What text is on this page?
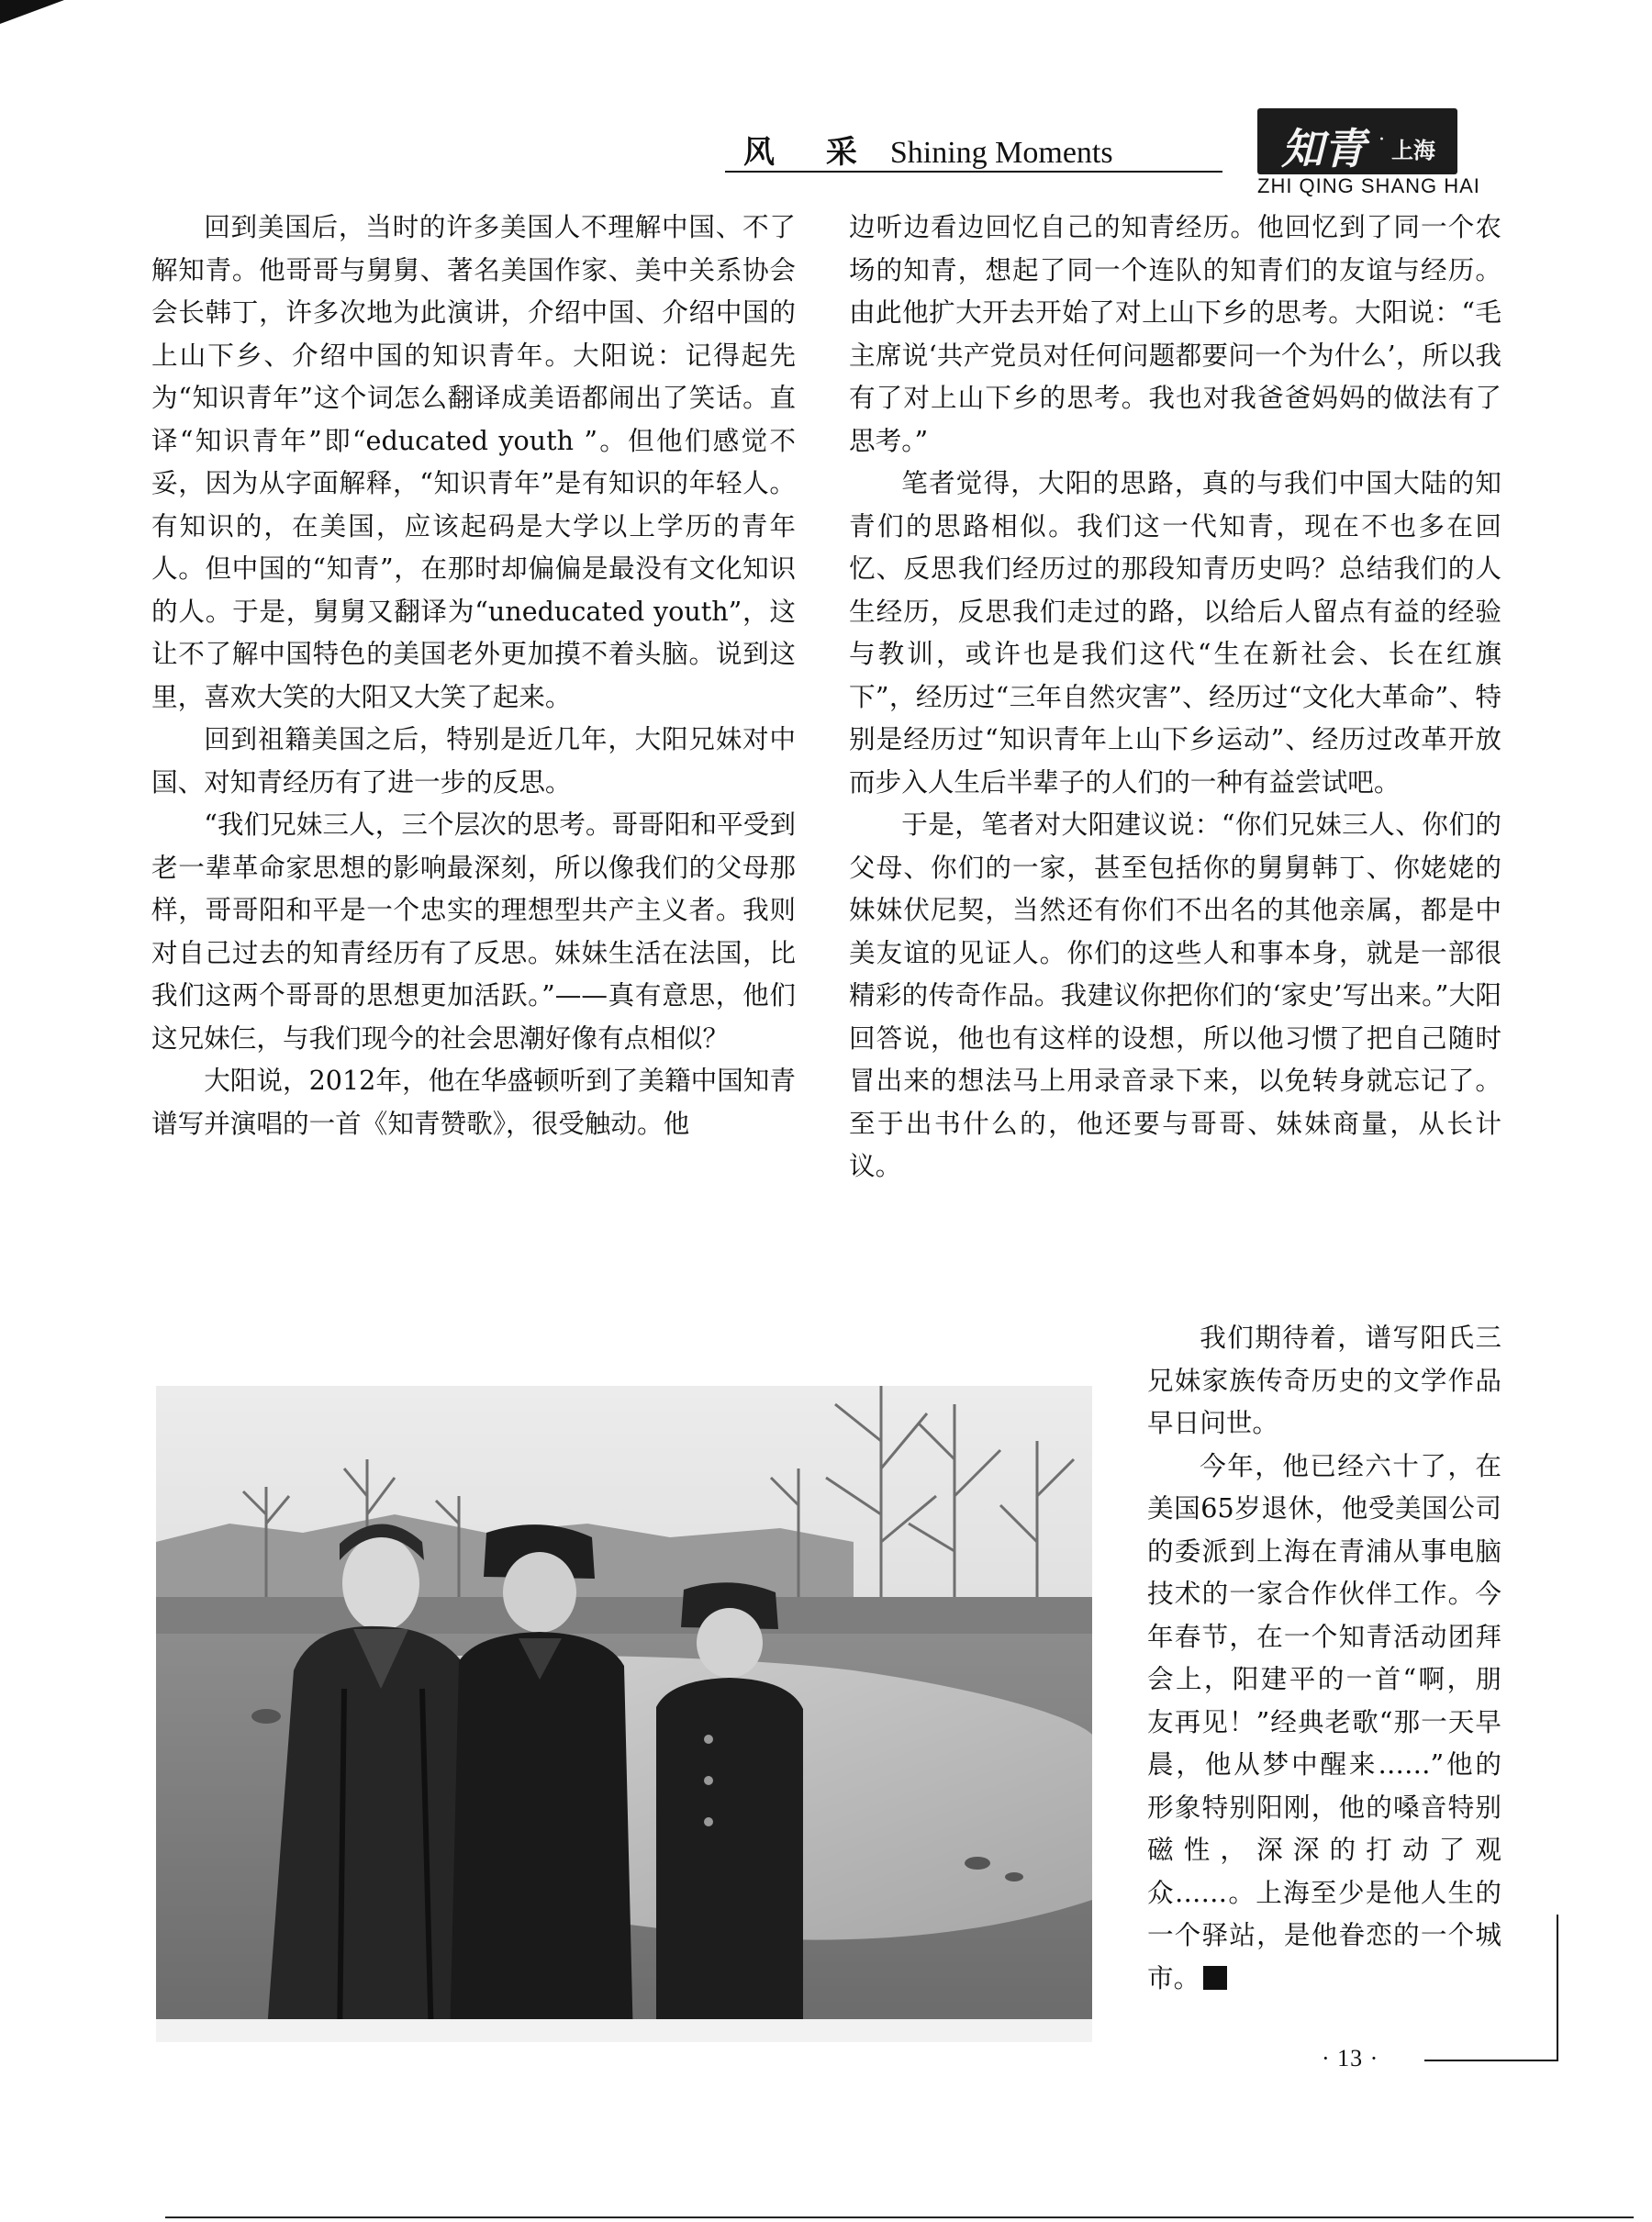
风 采 Shining Moments	知青 · 上海
ZHI QING SHANG HAI

回到美国后，当时的许多美国人不理解中国、不了解知青。他哥哥与舅舅、著名美国作家、美中关系协会会长韩丁，许多次地为此演讲，介绍中国、介绍中国的上山下乡、介绍中国的知识青年。大阳说：记得起先为“知识青年”这个词怎么翻译成美语都闹出了笑话。直译“知识青年”即“educated youth ”。但他们感觉不妥，因为从字面解释，“知识青年”是有知识的年轻人。有知识的，在美国，应该起码是大学以上学历的青年人。但中国的“知青”，在那时却偏偏是最没有文化知识的人。于是，舅舅又翻译为“uneducated youth”，这让不了解中国特色的美国老外更加摸不着头脑。说到这里，喜欢大笑的大阳又大笑了起来。

回到祖籍美国之后，特别是近几年，大阳兄妹对中国、对知青经历有了进一步的反思。

“我们兄妹三人，三个层次的思考。哥哥阳和平受到老一辈革命家思想的影响最深刻，所以像我们的父母那样，哥哥阳和平是一个忠实的理想型共产主义者。我则对自己过去的知青经历有了反思。妹妹生活在法国，比我们这两个哥哥的思想更加活跃。”——真有意思，他们这兄妹仨，与我们现今的社会思潮好像有点相似？

大阳说，2012年，他在华盛顿听到了美籍中国知青谱写并演唱的一首《知青赞歌》，很受触动。他

边听边看边回忆自己的知青经历。他回忆到了同一个农场的知青，想起了同一个连队的知青们的友谊与经历。由此他扩大开去开始了对上山下乡的思考。大阳说：“毛主席说‘共产党员对任何问题都要问一个为什么’，所以我有了对上山下乡的思考。我也对我爸爸妈妈的做法有了思考。”

笔者觉得，大阳的思路，真的与我们中国大陆的知青们的思路相似。我们这一代知青，现在不也多在回忆、反思我们经历过的那段知青历史吗？总结我们的人生经历，反思我们走过的路，以给后人留点有益的经验与教训，或许也是我们这代“生在新社会、长在红旗下”，经历过“三年自然灾害”、经历过“文化大革命”、特别是经历过“知识青年上山下乡运动”、经历过改革开放而步入人生后半辈子的人们的一种有益尝试吧。

于是，笔者对大阳建议说：“你们兄妹三人、你们的父母、你们的一家，甚至包括你的舅舅韩丁、你姥姥的妹妹伏尼契，当然还有你们不出名的其他亲属，都是中美友谊的见证人。你们的这些人和事本身，就是一部很精彩的传奇作品。我建议你把你们的‘家史’写出来。”大阳回答说，他也有这样的设想，所以他习惯了把自己随时冒出来的想法马上用录音录下来，以免转身就忘记了。至于出书什么的，他还要与哥哥、妹妹商量，从长计议。

我们期待着，谱写阳氏三兄妹家族传奇历史的文学作品早日问世。

今年，他已经六十了，在美国65岁退休，他受美国公司的委派到上海在青浦从事电脑技术的一家合作伙伴工作。今年春节，在一个知青活动团拜会上，阳建平的一首“啊，朋友再见！”经典老歌“那一天早晨，他从梦中醒来……”他的形象特别阳刚，他的嗓音特别磁性，深深的打动了观众……。上海至少是他人生的一个驿站，是他眷恋的一个城市。

· 13 ·
